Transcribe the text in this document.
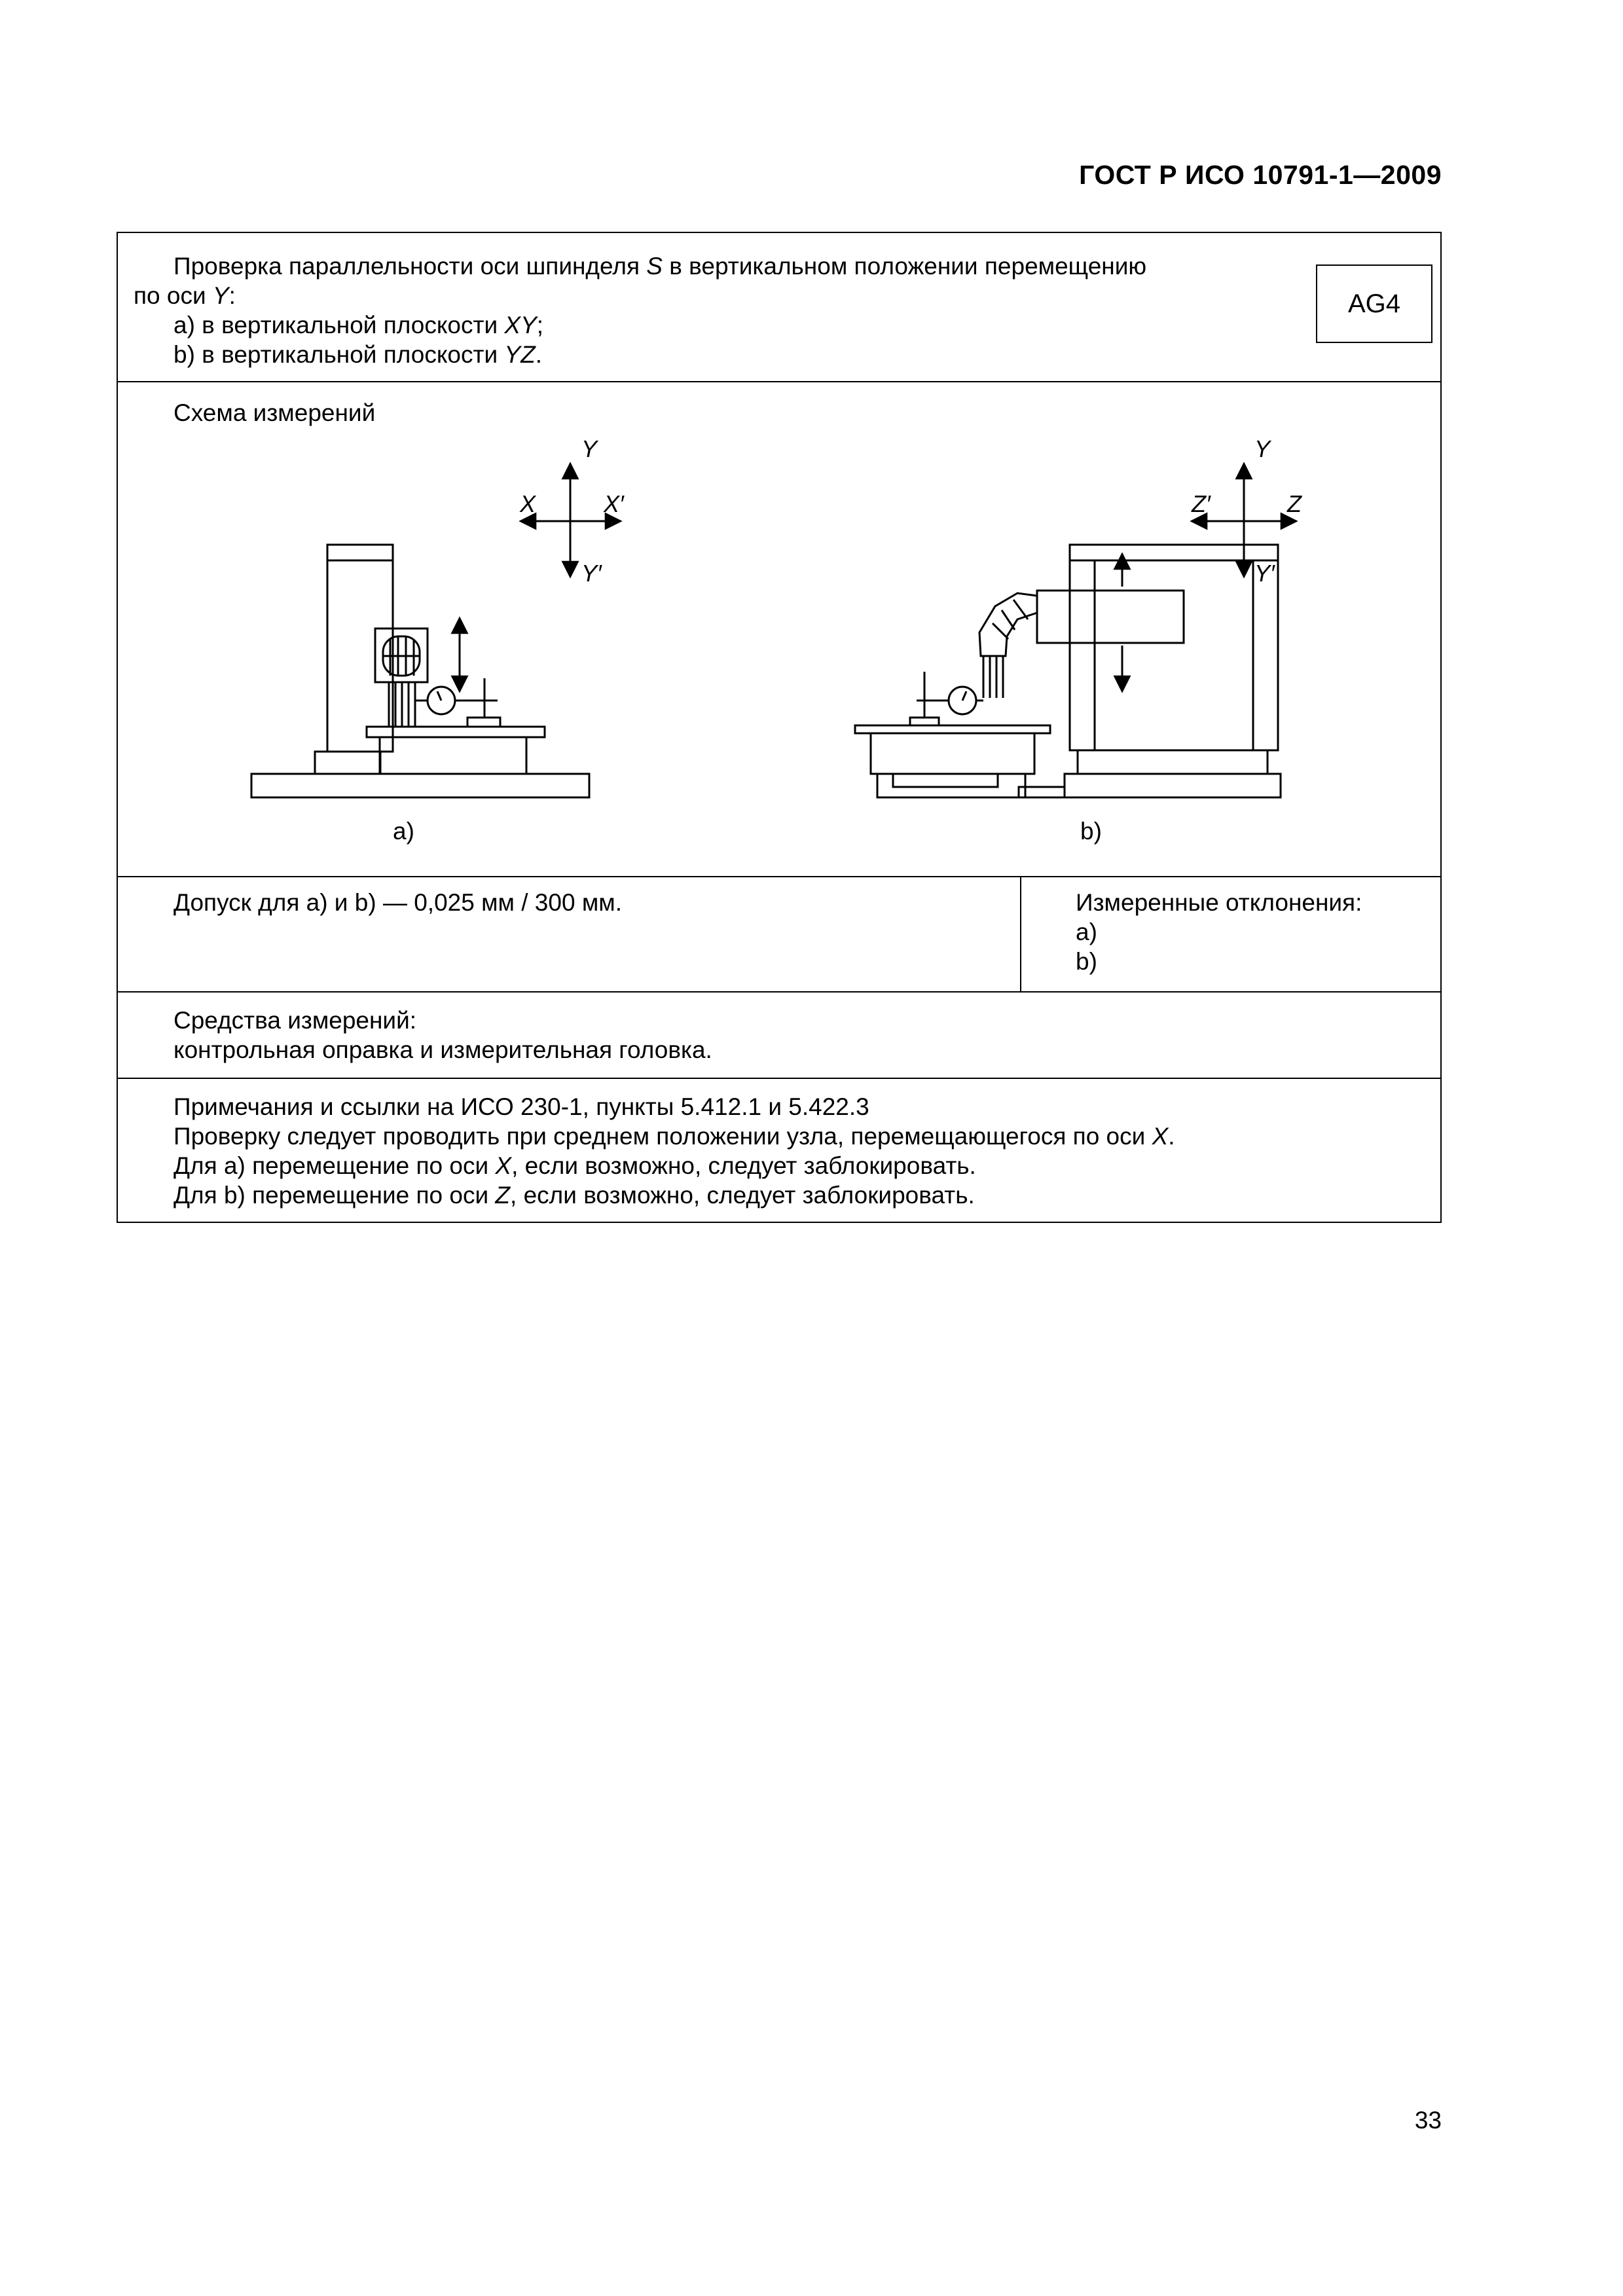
ГОСТ Р ИСО 10791-1—2009
Проверка параллельности оси шпинделя S в вертикальном положении перемещению
по оси Y:
a) в вертикальной плоскости XY;
b) в вертикальной плоскости YZ.
AG4
Схема измерений
Y
Y′
X	X′
Y
Y′
Z′	Z
a)	b)
Допуск для a) и b) — 0,025 мм / 300 мм.	Измеренные отклонения:
a)
b)
Средства измерений:
контрольная оправка и измерительная головка.
Примечания и ссылки на ИСО 230-1, пункты 5.412.1 и 5.422.3
Проверку следует проводить при среднем положении узла, перемещающегося по оси X.
Для a) перемещение по оси X, если возможно, следует заблокировать.
Для b) перемещение по оси Z, если возможно, следует заблокировать.
33
